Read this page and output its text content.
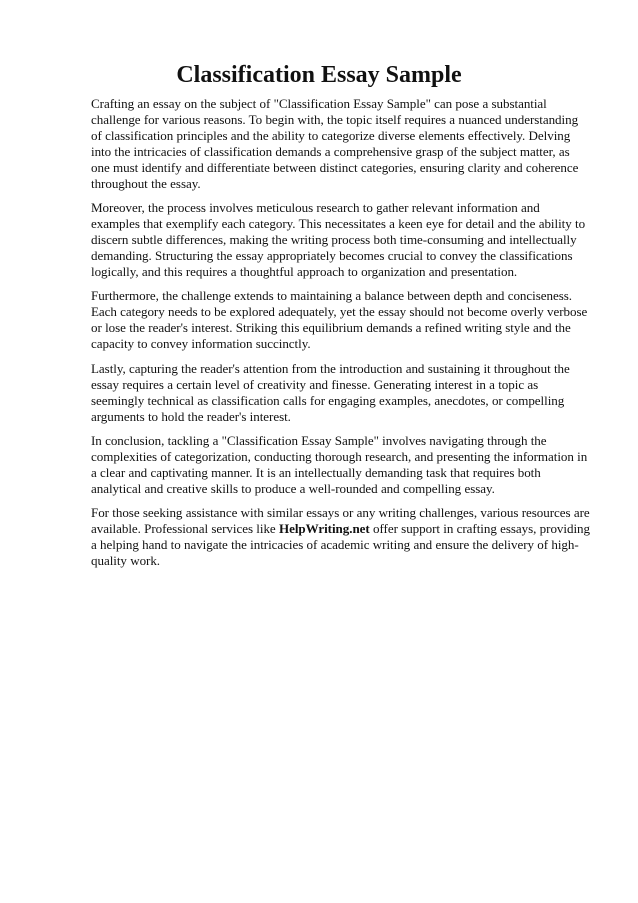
Classification Essay Sample

Crafting an essay on the subject of "Classification Essay Sample" can pose a substantial challenge for various reasons. To begin with, the topic itself requires a nuanced understanding of classification principles and the ability to categorize diverse elements effectively. Delving into the intricacies of classification demands a comprehensive grasp of the subject matter, as one must identify and differentiate between distinct categories, ensuring clarity and coherence throughout the essay.

Moreover, the process involves meticulous research to gather relevant information and examples that exemplify each category. This necessitates a keen eye for detail and the ability to discern subtle differences, making the writing process both time-consuming and intellectually demanding. Structuring the essay appropriately becomes crucial to convey the classifications logically, and this requires a thoughtful approach to organization and presentation.

Furthermore, the challenge extends to maintaining a balance between depth and conciseness. Each category needs to be explored adequately, yet the essay should not become overly verbose or lose the reader's interest. Striking this equilibrium demands a refined writing style and the capacity to convey information succinctly.

Lastly, capturing the reader's attention from the introduction and sustaining it throughout the essay requires a certain level of creativity and finesse. Generating interest in a topic as seemingly technical as classification calls for engaging examples, anecdotes, or compelling arguments to hold the reader's interest.

In conclusion, tackling a "Classification Essay Sample" involves navigating through the complexities of categorization, conducting thorough research, and presenting the information in a clear and captivating manner. It is an intellectually demanding task that requires both analytical and creative skills to produce a well-rounded and compelling essay.

For those seeking assistance with similar essays or any writing challenges, various resources are available. Professional services like HelpWriting.net offer support in crafting essays, providing a helping hand to navigate the intricacies of academic writing and ensure the delivery of high-quality work.
